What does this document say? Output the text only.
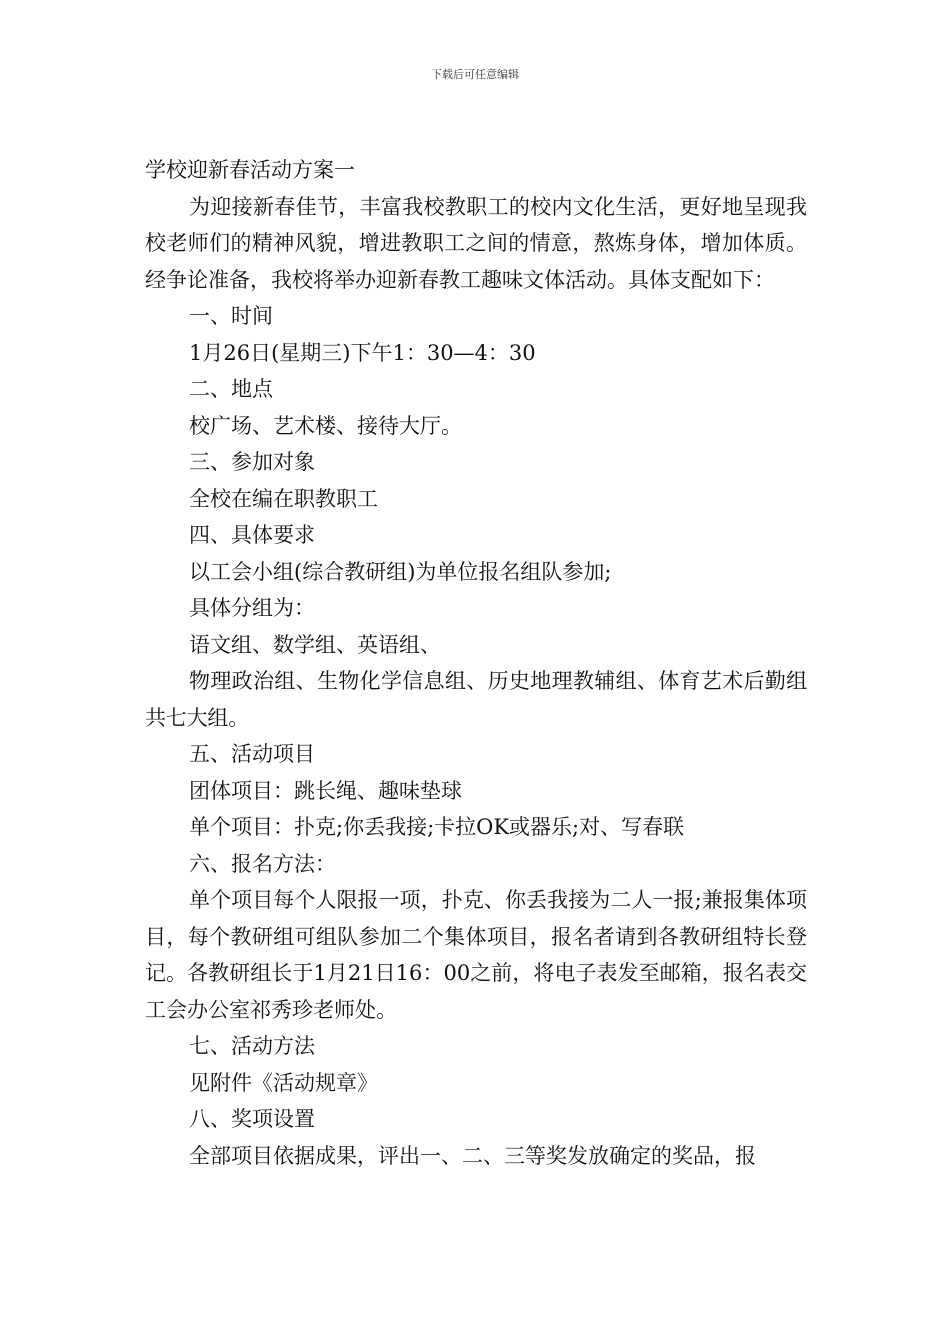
下载后可任意编辑
学校迎新春活动方案一
为迎接新春佳节，丰富我校教职工的校内文化生活，更好地呈现我校老师们的精神风貌，增进教职工之间的情意，熬炼身体，增加体质。经争论准备，我校将举办迎新春教工趣味文体活动。具体支配如下：
一、时间
1月26日(星期三)下午1：30—4：30
二、地点
校广场、艺术楼、接待大厅。
三、参加对象
全校在编在职教职工
四、具体要求
以工会小组(综合教研组)为单位报名组队参加;
具体分组为：
语文组、数学组、英语组、
物理政治组、生物化学信息组、历史地理教辅组、体育艺术后勤组共七大组。
五、活动项目
团体项目：跳长绳、趣味垫球
单个项目：扑克;你丢我接;卡拉OK或器乐;对、写春联
六、报名方法：
单个项目每个人限报一项，扑克、你丢我接为二人一报;兼报集体项目，每个教研组可组队参加二个集体项目，报名者请到各教研组特长登记。各教研组长于1月21日16：00之前，将电子表发至邮箱，报名表交工会办公室祁秀珍老师处。
七、活动方法
见附件《活动规章》
八、奖项设置
全部项目依据成果，评出一、二、三等奖发放确定的奖品，报
